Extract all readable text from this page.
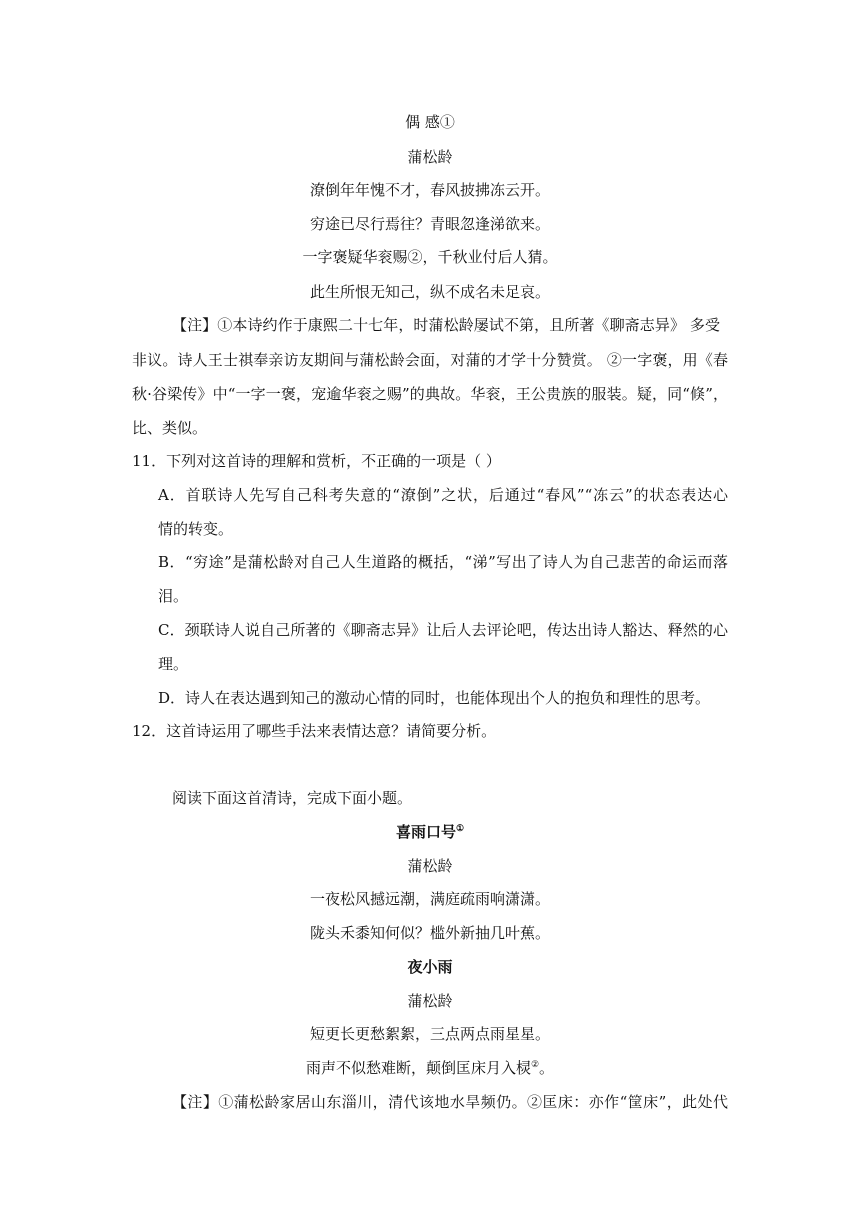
偶 感①
蒲松龄
潦倒年年愧不才，春风披拂冻云开。
穷途已尽行焉往？青眼忽逢涕欲来。
一字褒疑华衮赐②，千秋业付后人猜。
此生所恨无知己，纵不成名未足哀。
【注】①本诗约作于康熙二十七年，时蒲松龄屡试不第，且所著《聊斋志异》 多受
非议。诗人王士祺奉亲访友期间与蒲松龄会面，对蒲的才学十分赞赏。 ②一字褒，用《春
秋·谷梁传》中“一字一褒，宠逾华衮之赐”的典故。华衮，王公贵族的服装。疑，同“倏”，
比、类似。
11．下列对这首诗的理解和赏析，不正确的一项是（ ）
A．首联诗人先写自己科考失意的“潦倒”之状，后通过“春风”“冻云”的状态表达心
情的转变。
B．“穷途”是蒲松龄对自己人生道路的概括，“涕”写出了诗人为自己悲苦的命运而落
泪。
C．颈联诗人说自己所著的《聊斋志异》让后人去评论吧，传达出诗人豁达、释然的心
理。
D．诗人在表达遇到知己的激动心情的同时，也能体现出个人的抱负和理性的思考。
12．这首诗运用了哪些手法来表情达意？请简要分析。
阅读下面这首清诗，完成下面小题。
喜雨口号①
蒲松龄
一夜松风撼远潮，满庭疏雨响潇潇。
陇头禾黍知何似？槛外新抽几叶蕉。
夜小雨
蒲松龄
短更长更愁絮絮，三点两点雨星星。
雨声不似愁难断，颠倒匡床月入棂②。
【注】①蒲松龄家居山东淄川，清代该地水旱频仍。②匡床：亦作“筐床”，此处代
